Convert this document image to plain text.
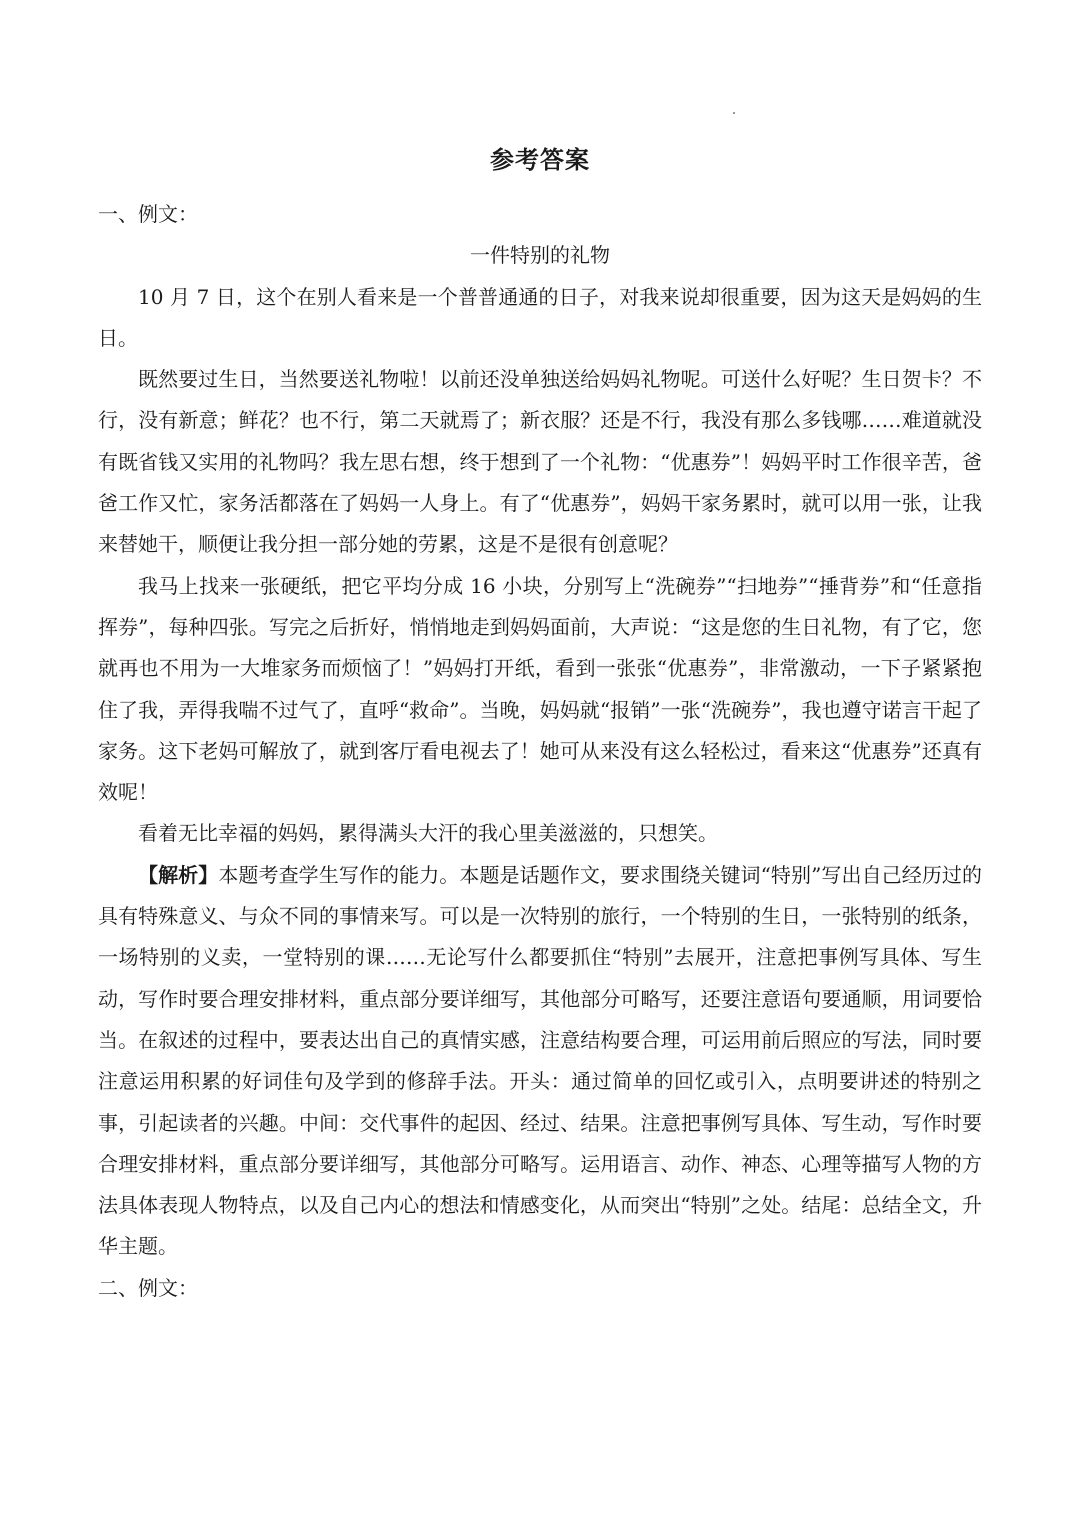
参考答案

一、例文：

一件特别的礼物

10 月 7 日，这个在别人看来是一个普普通通的日子，对我来说却很重要，因为这天是妈妈的生日。

既然要过生日，当然要送礼物啦！以前还没单独送给妈妈礼物呢。可送什么好呢？生日贺卡？不行，没有新意；鲜花？也不行，第二天就焉了；新衣服？还是不行，我没有那么多钱哪……难道就没有既省钱又实用的礼物吗？我左思右想，终于想到了一个礼物：“优惠券”！妈妈平时工作很辛苦，爸爸工作又忙，家务活都落在了妈妈一人身上。有了“优惠券”，妈妈干家务累时，就可以用一张，让我来替她干，顺便让我分担一部分她的劳累，这是不是很有创意呢？

我马上找来一张硬纸，把它平均分成 16 小块，分别写上“洗碗券”“扫地券”“捶背券”和“任意指挥券”，每种四张。写完之后折好，悄悄地走到妈妈面前，大声说：“这是您的生日礼物，有了它，您就再也不用为一大堆家务而烦恼了！”妈妈打开纸，看到一张张“优惠券”，非常激动，一下子紧紧抱住了我，弄得我喘不过气了，直呼“救命”。当晚，妈妈就“报销”一张“洗碗券”，我也遵守诺言干起了家务。这下老妈可解放了，就到客厅看电视去了！她可从来没有这么轻松过，看来这“优惠券”还真有效呢！

看着无比幸福的妈妈，累得满头大汗的我心里美滋滋的，只想笑。

【解析】本题考查学生写作的能力。本题是话题作文，要求围绕关键词“特别”写出自己经历过的具有特殊意义、与众不同的事情来写。可以是一次特别的旅行，一个特别的生日，一张特别的纸条，一场特别的义卖，一堂特别的课……无论写什么都要抓住“特别”去展开，注意把事例写具体、写生动，写作时要合理安排材料，重点部分要详细写，其他部分可略写，还要注意语句要通顺，用词要恰当。在叙述的过程中，要表达出自己的真情实感，注意结构要合理，可运用前后照应的写法，同时要注意运用积累的好词佳句及学到的修辞手法。开头：通过简单的回忆或引入，点明要讲述的特别之事，引起读者的兴趣。中间：交代事件的起因、经过、结果。注意把事例写具体、写生动，写作时要合理安排材料，重点部分要详细写，其他部分可略写。运用语言、动作、神态、心理等描写人物的方法具体表现人物特点，以及自己内心的想法和情感变化，从而突出“特别”之处。结尾：总结全文，升华主题。

二、例文：
